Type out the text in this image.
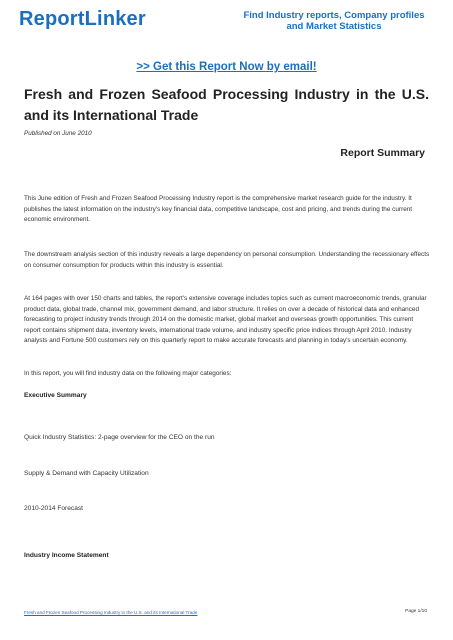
ReportLinker	Find Industry reports, Company profiles and Market Statistics
>> Get this Report Now by email!
Fresh and Frozen Seafood Processing Industry in the U.S. and its International Trade
Published on June 2010
Report Summary

This June edition of Fresh and Frozen Seafood Processing Industry report is the comprehensive market research guide for the industry. It publishes the latest information on the industry's key financial data, competitive landscape, cost and pricing, and trends during the current economic environment.

The downstream analysis section of this industry reveals a large dependency on personal consumption. Understanding the recessionary effects on consumer consumption for products within this industry is essential.

At 164 pages with over 150 charts and tables, the report's extensive coverage includes topics such as current macroeconomic trends, granular product data, global trade, channel mix, government demand, and labor structure. It relies on over a decade of historical data and enhanced forecasting to project industry trends through 2014 on the domestic market, global market and overseas growth opportunities. This current report contains shipment data, inventory levels, international trade volume, and industry specific price indices through April 2010. Industry analysts and Fortune 500 customers rely on this quarterly report to make accurate forecasts and planning in today's uncertain economy.

In this report, you will find industry data on the following major categories:

Executive Summary

Quick Industry Statistics: 2-page overview for the CEO on the run

Supply & Demand with Capacity Utilization

2010-2014 Forecast

Industry Income Statement

Fresh and Frozen Seafood Processing Industry in the U.S. and its International Trade	Page 1/10
